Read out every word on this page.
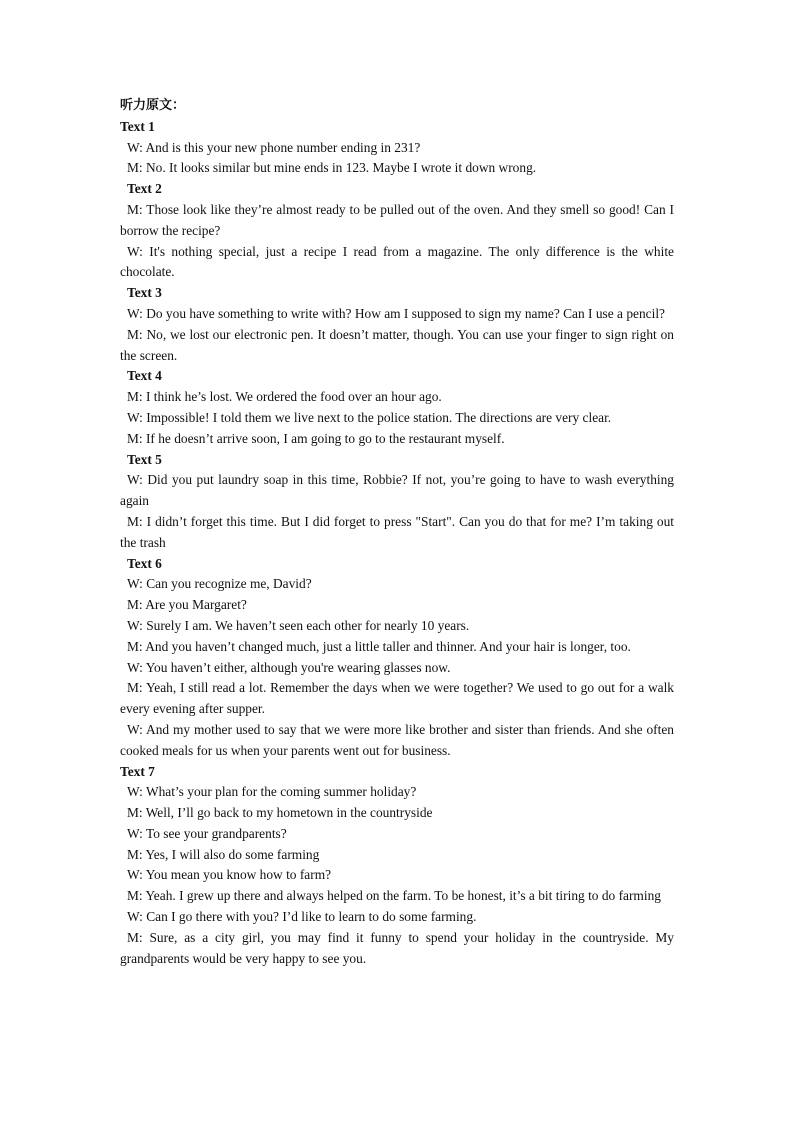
听力原文：

Text 1

W: And is this your new phone number ending in 231?

M: No. It looks similar but mine ends in 123. Maybe I wrote it down wrong.

Text 2

M: Those look like they’re almost ready to be pulled out of the oven. And they smell so good! Can I borrow the recipe?

W: It's nothing special, just a recipe I read from a magazine. The only difference is the white chocolate.

Text 3

W: Do you have something to write with? How am I supposed to sign my name? Can I use a pencil?

M: No, we lost our electronic pen. It doesn’t matter, though. You can use your finger to sign right on the screen.

Text 4

M: I think he’s lost. We ordered the food over an hour ago.

W: Impossible! I told them we live next to the police station. The directions are very clear.

M: If he doesn’t arrive soon, I am going to go to the restaurant myself.

Text 5

W: Did you put laundry soap in this time, Robbie? If not, you’re going to have to wash everything again

M: I didn’t forget this time. But I did forget to press "Start". Can you do that for me? I’m taking out the trash

Text 6

W: Can you recognize me, David?

M: Are you Margaret?

W: Surely I am. We haven’t seen each other for nearly 10 years.

M: And you haven’t changed much, just a little taller and thinner. And your hair is longer, too.

W: You haven’t either, although you're wearing glasses now.

M: Yeah, I still read a lot. Remember the days when we were together? We used to go out for a walk every evening after supper.

W: And my mother used to say that we were more like brother and sister than friends. And she often cooked meals for us when your parents went out for business.

Text 7

W: What’s your plan for the coming summer holiday?

M: Well, I’ll go back to my hometown in the countryside

W: To see your grandparents?

M: Yes, I will also do some farming

W: You mean you know how to farm?

M: Yeah. I grew up there and always helped on the farm. To be honest, it’s a bit tiring to do farming

W: Can I go there with you? I’d like to learn to do some farming.

M: Sure, as a city girl, you may find it funny to spend your holiday in the countryside. My grandparents would be very happy to see you.
